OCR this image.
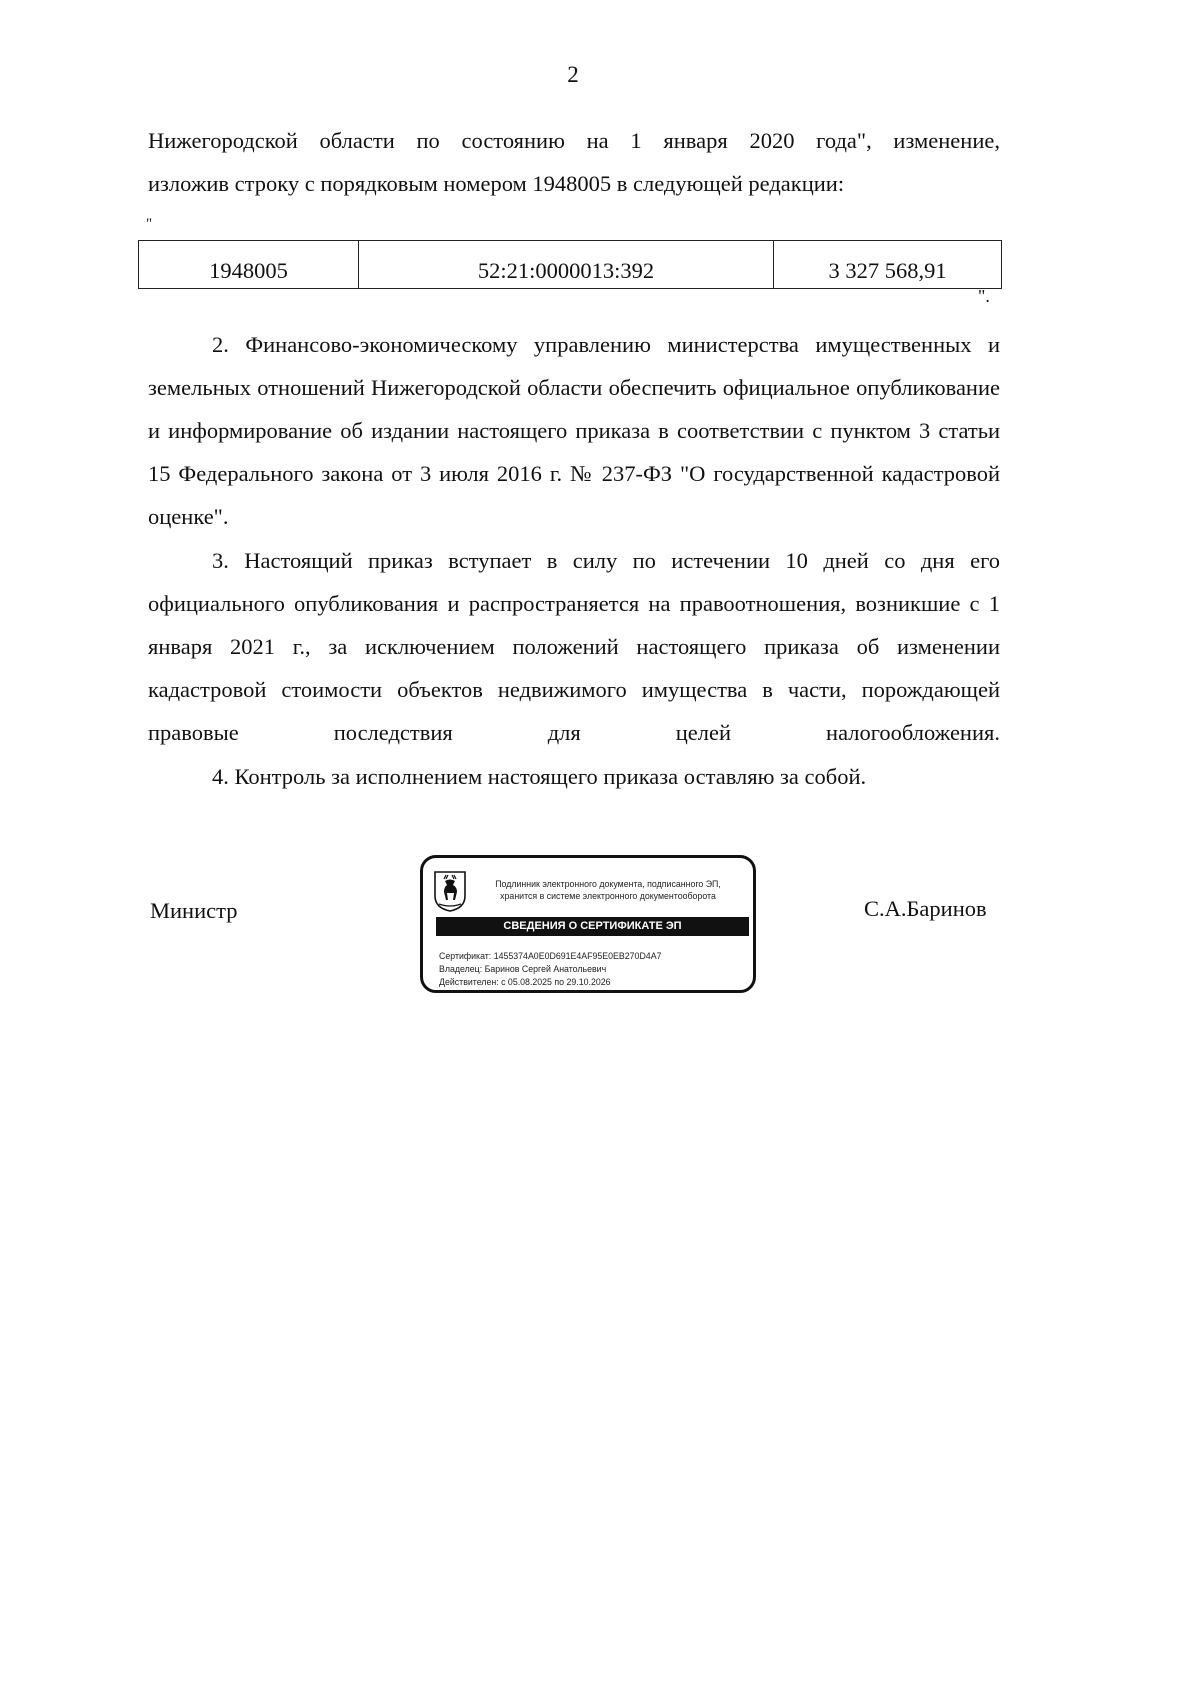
2

Нижегородской области по состоянию на 1 января 2020 года", изменение,

изложив строку с порядковым номером 1948005 в следующей редакции:

"
1948005	52:21:0000013:392	3 327 568,91
".

2. Финансово-экономическому управлению министерства имущественных и земельных отношений Нижегородской области обеспечить официальное опубликование и информирование об издании настоящего приказа в соответствии с пунктом 3 статьи 15 Федерального закона от 3 июля 2016 г. № 237-ФЗ "О государственной кадастровой оценке".

3. Настоящий приказ вступает в силу по истечении 10 дней со дня его официального опубликования и распространяется на правоотношения, возникшие с 1 января 2021 г., за исключением положений настоящего приказа об изменении кадастровой стоимости объектов недвижимого имущества в части, порождающей правовые последствия для целей налогообложения.

4. Контроль за исполнением настоящего приказа оставляю за собой.

Министр
Подлинник электронного документа, подписанного ЭП,
хранится в системе электронного документооборота
СВЕДЕНИЯ О СЕРТИФИКАТЕ ЭП
Сертификат: 1455374A0E0D691E4AF95E0EB270D4A7
Владелец: Баринов Сергей Анатольевич
Действителен: с 05.08.2025 по 29.10.2026
С.А.Баринов
